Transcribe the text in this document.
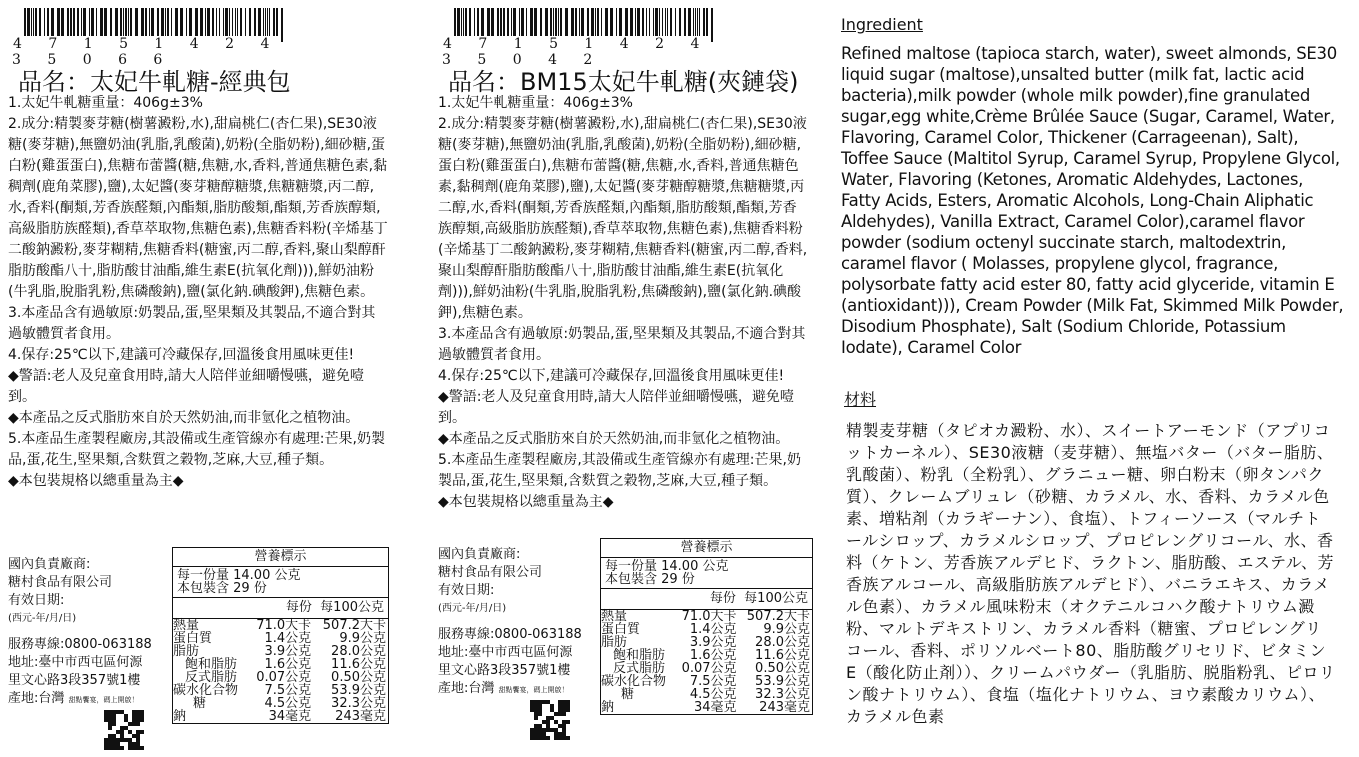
4 7 1 5 1 4 2 4 3 5 0 6 6
品名：太妃牛軋糖-經典包

1.太妃牛軋糖重量：406g±3%

2.成分:精製麥芽糖(樹薯澱粉,水),甜扁桃仁(杏仁果),SE30液糖(麥芽糖),無鹽奶油(乳脂,乳酸菌),奶粉(全脂奶粉),細砂糖,蛋白粉(雞蛋蛋白),焦糖布蕾醬(糖,焦糖,水,香料,普通焦糖色素,黏稠劑(鹿角菜膠),鹽),太妃醬(麥芽糖醇糖漿,焦糖糖漿,丙二醇,水,香料(酮類,芳香族醛類,內酯類,脂肪酸類,酯類,芳香族醇類,高級脂肪族醛類),香草萃取物,焦糖色素),焦糖香料粉(辛烯基丁二酸鈉澱粉,麥芽糊精,焦糖香料(糖蜜,丙二醇,香料,聚山梨醇酐脂肪酸酯八十,脂肪酸甘油酯,維生素E(抗氧化劑))),鮮奶油粉(牛乳脂,脫脂乳粉,焦磷酸鈉),鹽(氯化鈉.碘酸鉀),焦糖色素。

3.本產品含有過敏原:奶製品,蛋,堅果類及其製品,不適合對其過敏體質者食用。

4.保存:25℃以下,建議可冷藏保存,回溫後食用風味更佳!

◆警語:老人及兒童食用時,請大人陪伴並細嚼慢嚥，避免噎到。

◆本產品之反式脂肪來自於天然奶油,而非氫化之植物油。

5.本產品生產製程廠房,其設備或生產管線亦有處理:芒果,奶製品,蛋,花生,堅果類,含麩質之穀物,芝麻,大豆,種子類。

◆本包裝規格以總重量為主◆

國內負責廠商:
糖村食品有限公司
有效日期:
(西元-年/月/日)
服務專線:0800-063188
地址:臺中市西屯區何源
里文心路3段357號1樓
產地:台灣 甜點饗宴，碼上開啟！
營養標示
每一份量 14.00 公克
本包裝含 29 份
每份 每100公克
熱量	71.0大卡	507.2大卡
蛋白質	1.4公克	9.9公克
脂肪	3.9公克	28.0公克
飽和脂肪	1.6公克	11.6公克
反式脂肪	0.07公克	0.50公克
碳水化合物	7.5公克	53.9公克
糖	4.5公克	32.3公克
鈉	34毫克	243毫克
4 7 1 5 1 4 2 4 3 5 0 4 2
品名：BM15太妃牛軋糖(夾鏈袋)

1.太妃牛軋糖重量：406g±3%

2.成分:精製麥芽糖(樹薯澱粉,水),甜扁桃仁(杏仁果),SE30液糖(麥芽糖),無鹽奶油(乳脂,乳酸菌),奶粉(全脂奶粉),細砂糖,蛋白粉(雞蛋蛋白),焦糖布蕾醬(糖,焦糖,水,香料,普通焦糖色素,黏稠劑(鹿角菜膠),鹽),太妃醬(麥芽糖醇糖漿,焦糖糖漿,丙二醇,水,香料(酮類,芳香族醛類,內酯類,脂肪酸類,酯類,芳香族醇類,高級脂肪族醛類),香草萃取物,焦糖色素),焦糖香料粉(辛烯基丁二酸鈉澱粉,麥芽糊精,焦糖香料(糖蜜,丙二醇,香料,聚山梨醇酐脂肪酸酯八十,脂肪酸甘油酯,維生素E(抗氧化劑))),鮮奶油粉(牛乳脂,脫脂乳粉,焦磷酸鈉),鹽(氯化鈉.碘酸鉀),焦糖色素。

3.本產品含有過敏原:奶製品,蛋,堅果類及其製品,不適合對其過敏體質者食用。

4.保存:25℃以下,建議可冷藏保存,回溫後食用風味更佳!

◆警語:老人及兒童食用時,請大人陪伴並細嚼慢嚥，避免噎到。

◆本產品之反式脂肪來自於天然奶油,而非氫化之植物油。

5.本產品生產製程廠房,其設備或生產管線亦有處理:芒果,奶製品,蛋,花生,堅果類,含麩質之穀物,芝麻,大豆,種子類。

◆本包裝規格以總重量為主◆

國內負責廠商:
糖村食品有限公司
有效日期:
(西元-年/月/日)
服務專線:0800-063188
地址:臺中市西屯區何源
里文心路3段357號1樓
產地:台灣 甜點饗宴，碼上開啟！
營養標示
每一份量 14.00 公克
本包裝含 29 份
每份 每100公克
熱量	71.0大卡	507.2大卡
蛋白質	1.4公克	9.9公克
脂肪	3.9公克	28.0公克
飽和脂肪	1.6公克	11.6公克
反式脂肪	0.07公克	0.50公克
碳水化合物	7.5公克	53.9公克
糖	4.5公克	32.3公克
鈉	34毫克	243毫克
Ingredient
Refined maltose (tapioca starch, water), sweet almonds, SE30 liquid sugar (maltose),unsalted butter (milk fat, lactic acid bacteria),milk powder (whole milk powder),fine granulated sugar,egg white,Crème Brûlée Sauce (Sugar, Caramel, Water, Flavoring, Caramel Color, Thickener (Carrageenan), Salt), Toffee Sauce (Maltitol Syrup, Caramel Syrup, Propylene Glycol, Water, Flavoring (Ketones, Aromatic Aldehydes, Lactones, Fatty Acids, Esters, Aromatic Alcohols, Long-Chain Aliphatic Aldehydes), Vanilla Extract, Caramel Color),caramel flavor powder (sodium octenyl succinate starch, maltodextrin, caramel flavor ( Molasses, propylene glycol, fragrance, polysorbate fatty acid ester 80, fatty acid glyceride, vitamin E (antioxidant))), Cream Powder (Milk Fat, Skimmed Milk Powder, Disodium Phosphate), Salt (Sodium Chloride, Potassium Iodate), Caramel Color
材料
精製麦芽糖（タピオカ澱粉、水）、スイートアーモンド（アプリコットカーネル）、SE30液糖（麦芽糖）、無塩バター（バター脂肪、乳酸菌）、粉乳（全粉乳）、グラニュー糖、卵白粉末（卵タンパク質）、クレームブリュレ（砂糖、カラメル、水、香料、カラメル色素、増粘剤（カラギーナン）、食塩）、トフィーソース（マルチトールシロップ、カラメルシロップ、プロピレングリコール、水、香料（ケトン、芳香族アルデヒド、ラクトン、脂肪酸、エステル、芳香族アルコール、高級脂肪族アルデヒド）、バニラエキス、カラメル色素）、カラメル風味粉末（オクテニルコハク酸ナトリウム澱粉、マルトデキストリン、カラメル香料（糖蜜、プロピレングリコール、香料、ポリソルベート80、脂肪酸グリセリド、ビタミンE（酸化防止剤））、クリームパウダー（乳脂肪、脱脂粉乳、ピロリン酸ナトリウム）、食塩（塩化ナトリウム、ヨウ素酸カリウム）、カラメル色素
